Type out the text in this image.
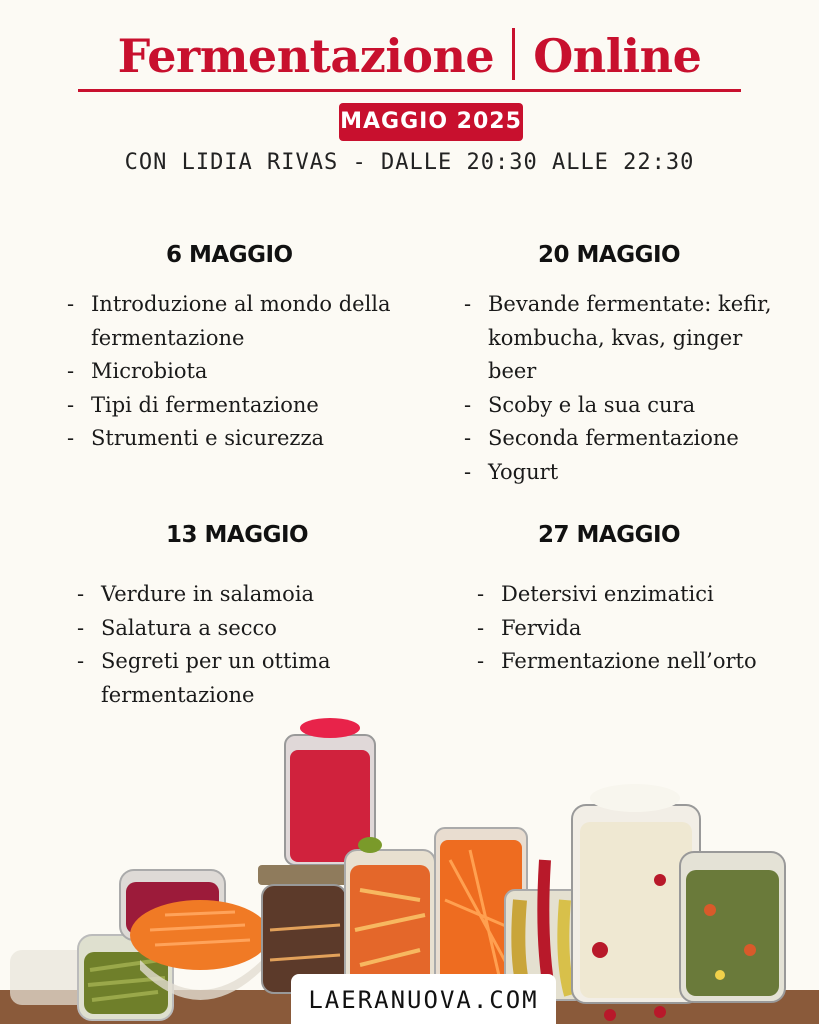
Fermentazione Online
MAGGIO 2025
CON LIDIA RIVAS - DALLE 20:30 ALLE 22:30
6 MAGGIO
- Introduzione al mondo della fermentazione
- Microbiota
- Tipi di fermentazione
- Strumenti e sicurezza
20 MAGGIO
- Bevande fermentate: kefir, kombucha, kvas, ginger beer
- Scoby e la sua cura
- Seconda fermentazione
- Yogurt
13 MAGGIO
- Verdure in salamoia
- Salatura a secco
- Segreti per un ottima fermentazione
27 MAGGIO
- Detersivi enzimatici
- Fervida
- Fermentazione nell’orto
LAERANUOVA.COM
